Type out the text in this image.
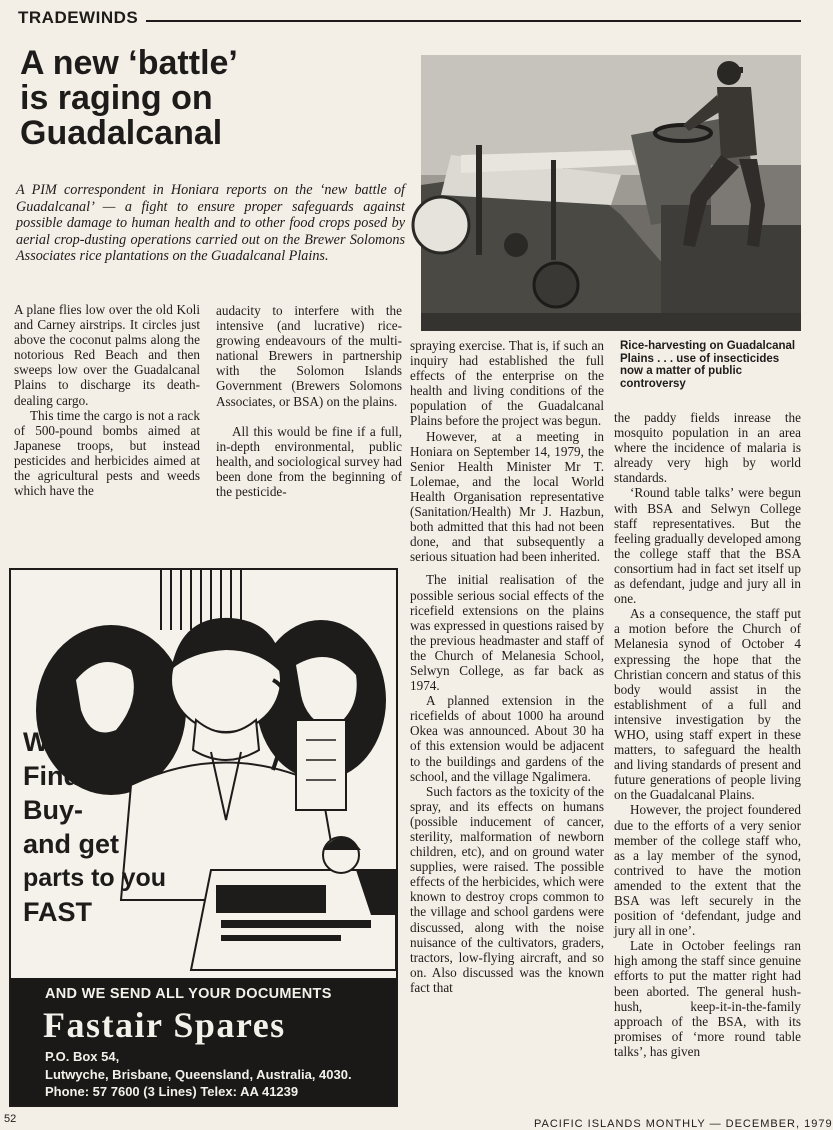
TRADEWINDS
A new ‘battle’
is raging on
Guadalcanal

A PIM correspondent in Honiara reports on the ‘new battle of Guadalcanal’ — a fight to ensure proper safeguards against possible damage to human health and to other food crops posed by aerial crop-dusting operations carried out on the Brewer Solomons Associates rice plantations on the Guadalcanal Plains.

Rice-harvesting on Guadalcanal Plains . . . use of insecticides now a matter of public controversy

A plane flies low over the old Koli and Carney airstrips. It circles just above the coconut palms along the notorious Red Beach and then sweeps low over the Guadalcanal Plains to discharge its death-dealing cargo.

This time the cargo is not a rack of 500-pound bombs aimed at Japanese troops, but instead pesticides and herbicides aimed at the agricultural pests and weeds which have the

audacity to interfere with the intensive (and lucrative) rice-growing endeavours of the multi-national Brewers in partnership with the Solomon Islands Government (Brewers Solomons Associates, or BSA) on the plains.

All this would be fine if a full, in-depth environmental, public health, and sociological survey had been done from the beginning of the pesticide-

spraying exercise. That is, if such an inquiry had established the full effects of the enterprise on the health and living conditions of the population of the Guadalcanal Plains before the project was begun.

However, at a meeting in Honiara on September 14, 1979, the Senior Health Minister Mr T. Lolemae, and the local World Health Organisation representative (Sanitation/Health) Mr J. Hazbun, both admitted that this had not been done, and that subsequently a serious situation had been inherited.

The initial realisation of the possible serious social effects of the ricefield extensions on the plains was expressed in questions raised by the previous headmaster and staff of the Church of Melanesia School, Selwyn College, as far back as 1974.

A planned extension in the ricefields of about 1000 ha around Okea was announced. About 30 ha of this extension would be adjacent to the buildings and gardens of the school, and the village Ngalimera.

Such factors as the toxicity of the spray, and its effects on humans (possible inducement of cancer, sterility, malformation of newborn children, etc), and on ground water supplies, were raised. The possible effects of the herbicides, which were known to destroy crops common to the village and school gardens were discussed, along with the noise nuisance of the cultivators, graders, tractors, low-flying aircraft, and so on. Also discussed was the known fact that

the paddy fields inrease the mosquito population in an area where the incidence of malaria is already very high by world standards.

‘Round table talks’ were begun with BSA and Selwyn College staff representatives. But the feeling gradually developed among the college staff that the BSA consortium had in fact set itself up as defendant, judge and jury all in one.

As a consequence, the staff put a motion before the Church of Melanesia synod of October 4 expressing the hope that the Christian concern and status of this body would assist in the establishment of a full and intensive investigation by the WHO, using staff expert in these matters, to safeguard the health and living standards of present and future generations of people living on the Guadalcanal Plains.

However, the project foundered due to the efforts of a very senior member of the college staff who, as a lay member of the synod, contrived to have the motion amended to the extent that the BSA was left securely in the position of ‘defendant, judge and jury all in one’.

Late in October feelings ran high among the staff since genuine efforts to put the matter right had been aborted. The general hush-hush, keep-it-in-the-family approach of the BSA, with its promises of ‘more round table talks’, has given

We
Find-
Buy-
and get
parts to you
FAST
AND WE SEND ALL YOUR DOCUMENTS
Fastair Spares
P.O. Box 54,
Lutwyche, Brisbane, Queensland, Australia, 4030.
Phone: 57 7600 (3 Lines) Telex: AA 41239
52	PACIFIC ISLANDS MONTHLY — DECEMBER, 1979
